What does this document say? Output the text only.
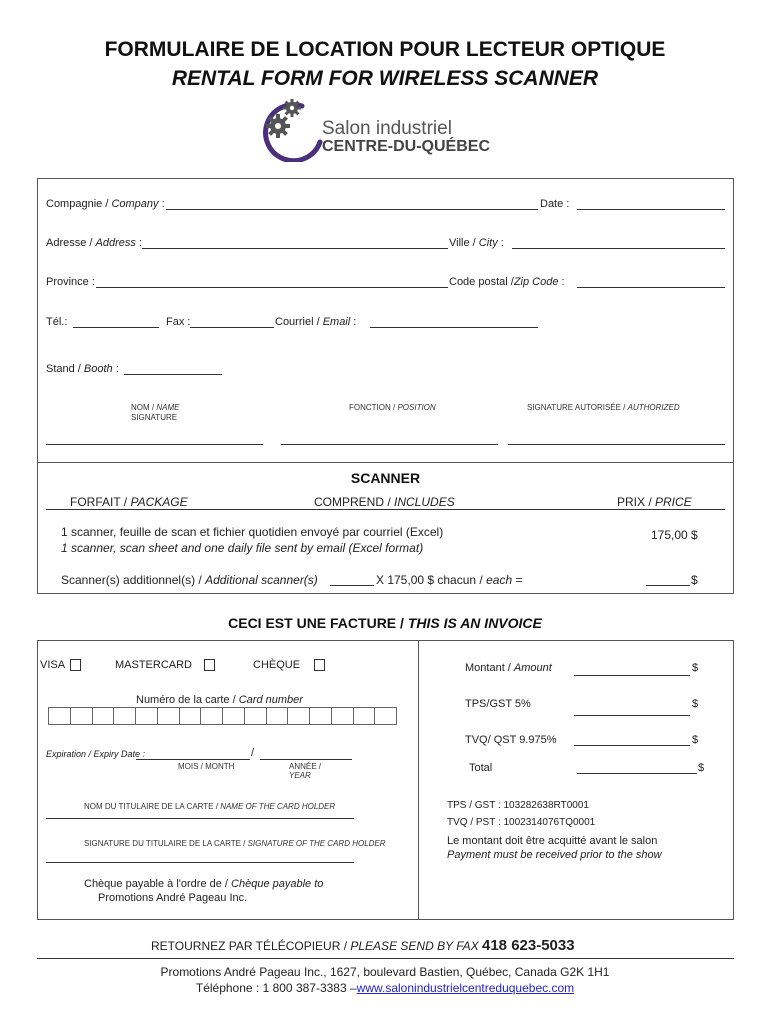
FORMULAIRE DE LOCATION POUR LECTEUR OPTIQUE
RENTAL FORM FOR WIRELESS SCANNER
Salon industriel
CENTRE-DU-QUÉBEC
Compagnie / Company :	Date :
Adresse / Address :	Ville / City :
Province :	Code postal /Zip Code :
Tél.:	Fax :	Courriel / Email :
Stand / Booth :
NOM / NAME
SIGNATURE
FONCTION / POSITION	SIGNATURE AUTORISÉE / AUTHORIZED
SCANNER
FORFAIT / PACKAGE	COMPREND / INCLUDES	PRIX / PRICE
1 scanner, feuille de scan et fichier quotidien envoyé par courriel (Excel)
1 scanner, scan sheet and one daily file sent by email (Excel format)
175,00 $
Scanner(s) additionnel(s) / Additional scanner(s)	X 175,00 $ chacun / each =	$
CECI EST UNE FACTURE / THIS IS AN INVOICE
VISA	MASTERCARD	CHÈQUE
Numéro de la carte / Card number
Expiration / Expiry Date :	/
MOIS / MONTH	ANNÉE /
YEAR
NOM DU TITULAIRE DE LA CARTE / NAME OF THE CARD HOLDER
SIGNATURE DU TITULAIRE DE LA CARTE / SIGNATURE OF THE CARD HOLDER
Chèque payable à l'ordre de / Chèque payable to
Promotions André Pageau Inc.
Montant / Amount	$
TPS/GST 5%	$
TVQ/ QST 9.975%	$
Total	$
TPS / GST : 103282638RT0001
TVQ / PST : 1002314076TQ0001
Le montant doit être acquitté avant le salon
Payment must be received prior to the show
RETOURNEZ PAR TÉLÉCOPIEUR / PLEASE SEND BY FAX 418 623-5033
Promotions André Pageau Inc., 1627, boulevard Bastien, Québec, Canada G2K 1H1
Téléphone : 1 800 387-3383 –www.salonindustrielcentreduquebec.com
